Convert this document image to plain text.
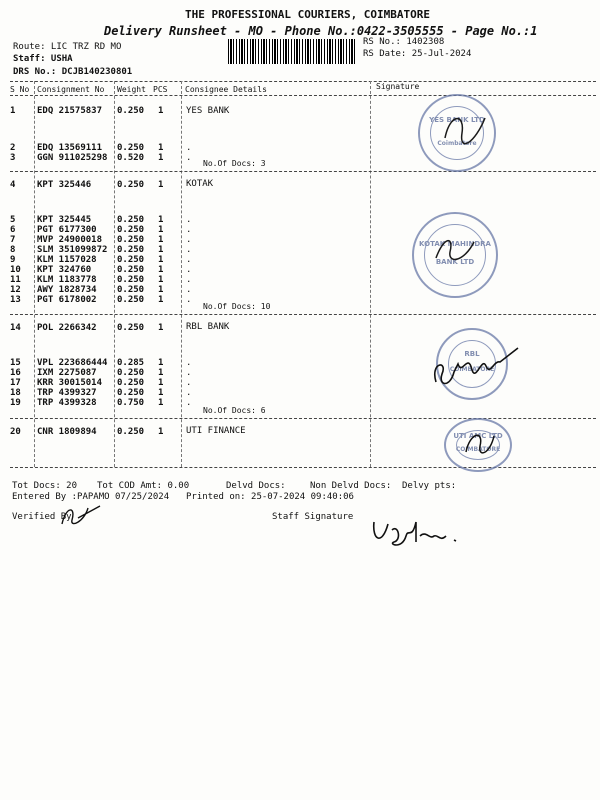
THE PROFESSIONAL COURIERS, COIMBATORE
Delivery Runsheet - MO - Phone No.:0422-3505555 - Page No.:1
Route: LIC TRZ RD MO
Staff: USHA
DRS No.: DCJB140230801
RS No.: 1402308
RS Date: 25-Jul-2024
S No Consignment No Weight PCS Consignee Details	Signature
1 EDQ 21575837 0.250 1	YES BANK
2 EDQ 13569111 0.250 1	.
3 GGN 911025298 0.520 1	.
No.Of Docs: 3
4 KPT 325446	0.250 1	KOTAK
5 KPT 325445	0.250 1	.
6 PGT 6177300 0.250 1	.
7 MVP 24900018 0.250 1	.
8 SLM 351099872 0.250 1	.
9 KLM 1157028 0.250 1	.
10 KPT 324760	0.250 1	.
11 KLM 1183778 0.250 1	.
12 AWY 1828734 0.250 1	.
13 PGT 6178002 0.250 1	.
No.Of Docs: 10
14 POL 2266342 0.250 1	RBL BANK
15 VPL 223686444 0.285 1	.
16 IXM 2275087 0.250 1	.
17 KRR 30015014 0.250 1	.
18 TRP 4399327 0.250 1	.
19 TRP 4399328 0.750 1	.
No.Of Docs: 6
20 CNR 1809894 0.250 1	UTI FINANCE
YES BANK LTD
Coimbatore
KOTAK MAHINDRA
BANK LTD
RBL
COIMBATORE
UTI AMC LTD
COIMBATORE
Tot Docs: 20 Tot COD Amt: 0.00	Delvd Docs:	Non Delvd Docs: Delvy pts:
Entered By :PAPAMO 07/25/2024 Printed on: 25-07-2024 09:40:06
Verified By	Staff Signature
